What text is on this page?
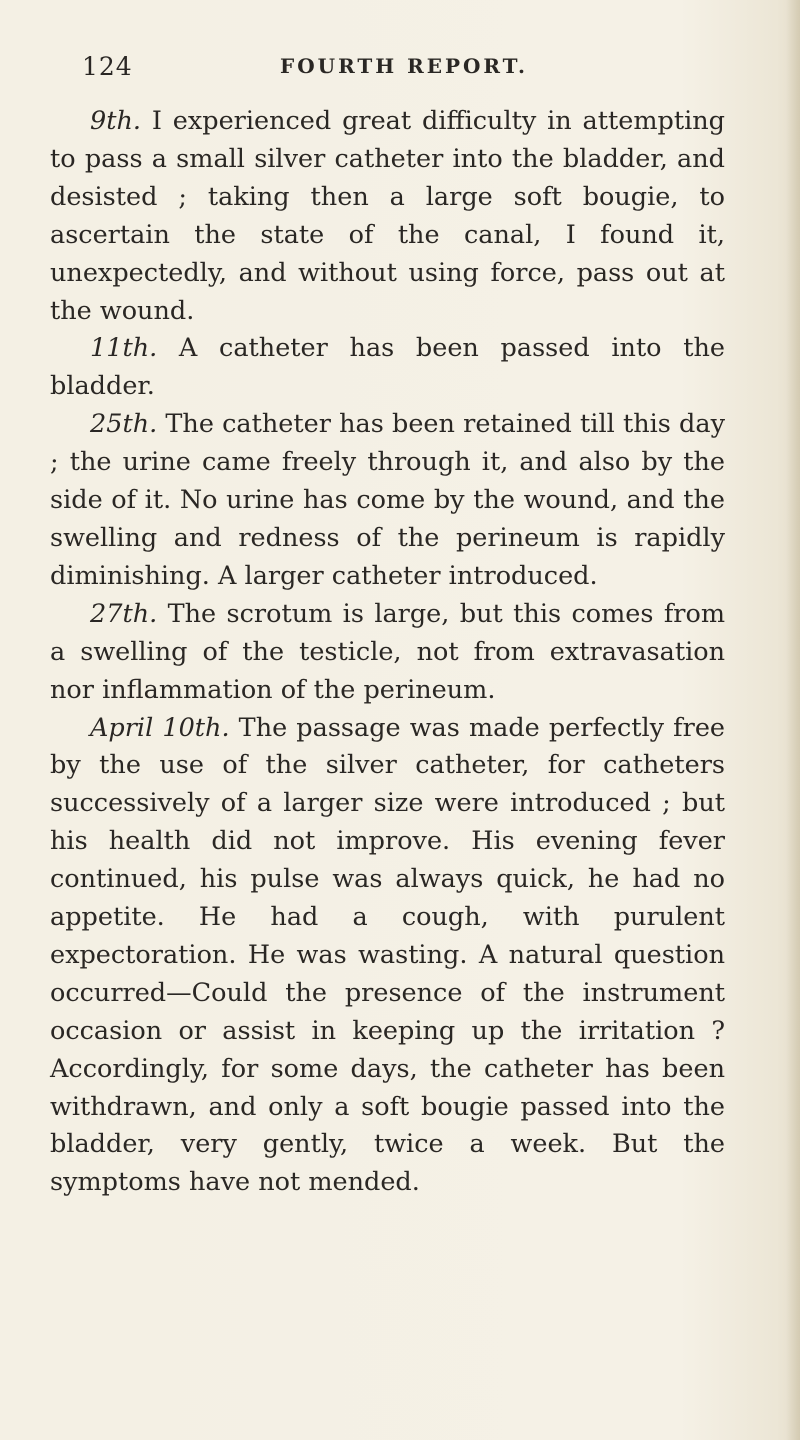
124	FOURTH REPORT.

9th. I experienced great difficulty in attempting to pass a small silver catheter into the bladder, and desisted ; taking then a large soft bougie, to ascertain the state of the canal, I found it, unexpectedly, and without using force, pass out at the wound.

11th. A catheter has been passed into the bladder.

25th. The catheter has been retained till this day ; the urine came freely through it, and also by the side of it. No urine has come by the wound, and the swelling and redness of the perineum is rapidly diminishing. A larger catheter introduced.

27th. The scrotum is large, but this comes from a swelling of the testicle, not from extravasation nor inflammation of the perineum.

April 10th. The passage was made perfectly free by the use of the silver catheter, for catheters successively of a larger size were introduced ; but his health did not improve. His evening fever continued, his pulse was always quick, he had no appetite. He had a cough, with purulent expectoration. He was wasting. A natural question occurred—Could the presence of the instrument occasion or assist in keeping up the irritation ? Accordingly, for some days, the catheter has been withdrawn, and only a soft bougie passed into the bladder, very gently, twice a week. But the symptoms have not mended.
